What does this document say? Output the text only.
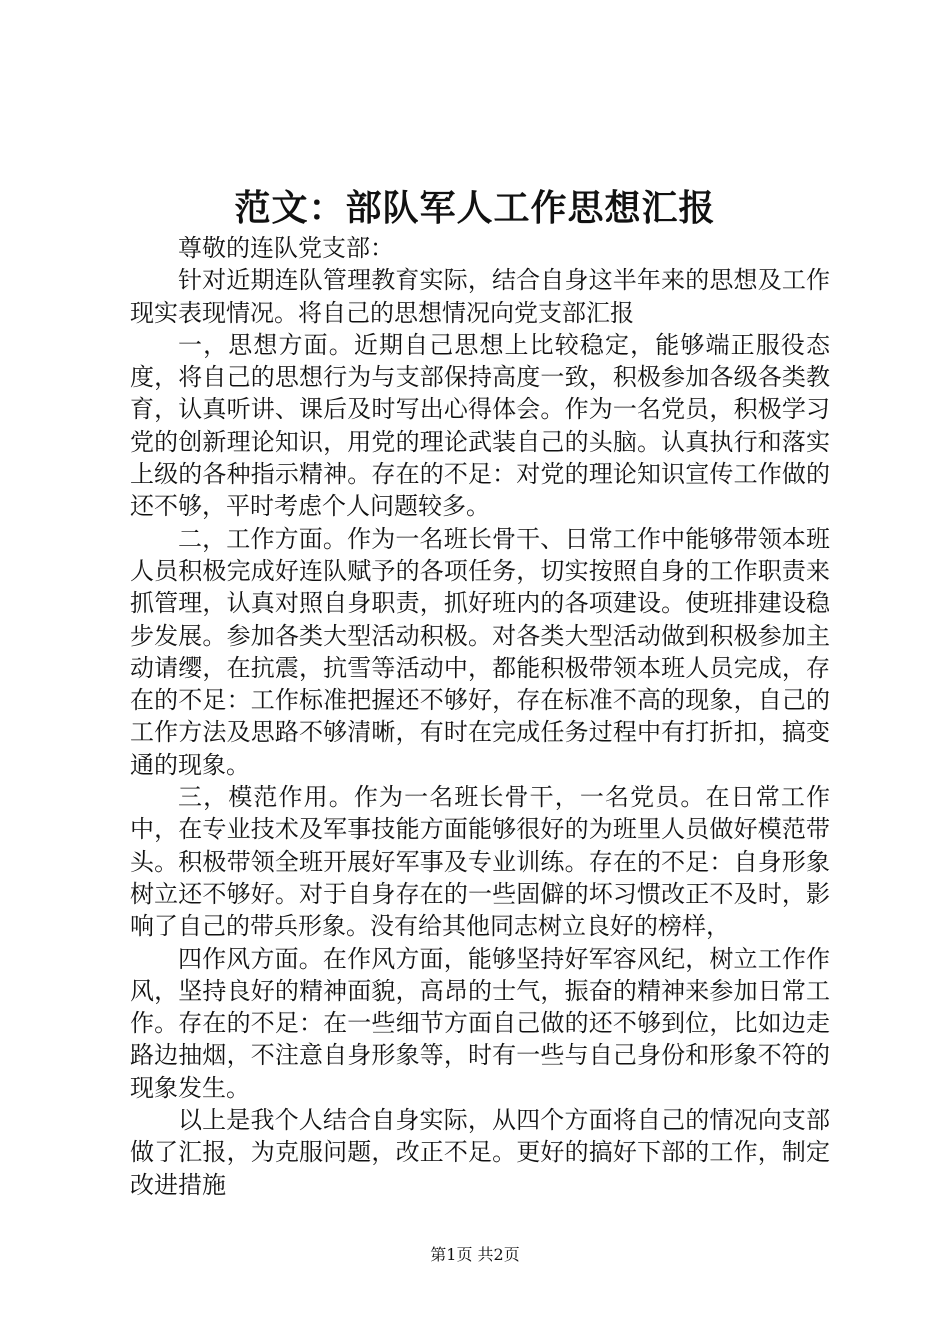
范文：部队军人工作思想汇报

尊敬的连队党支部：

针对近期连队管理教育实际，结合自身这半年来的思想及工作现实表现情况。将自己的思想情况向党支部汇报

一，思想方面。近期自己思想上比较稳定，能够端正服役态度，将自己的思想行为与支部保持高度一致，积极参加各级各类教育，认真听讲、课后及时写出心得体会。作为一名党员，积极学习党的创新理论知识，用党的理论武装自己的头脑。认真执行和落实上级的各种指示精神。存在的不足：对党的理论知识宣传工作做的还不够，平时考虑个人问题较多。

二，工作方面。作为一名班长骨干、日常工作中能够带领本班人员积极完成好连队赋予的各项任务，切实按照自身的工作职责来抓管理，认真对照自身职责，抓好班内的各项建设。使班排建设稳步发展。参加各类大型活动积极。对各类大型活动做到积极参加主动请缨，在抗震，抗雪等活动中，都能积极带领本班人员完成，存在的不足：工作标准把握还不够好，存在标准不高的现象，自己的工作方法及思路不够清晰，有时在完成任务过程中有打折扣，搞变通的现象。

三，模范作用。作为一名班长骨干，一名党员。在日常工作中，在专业技术及军事技能方面能够很好的为班里人员做好模范带头。积极带领全班开展好军事及专业训练。存在的不足：自身形象树立还不够好。对于自身存在的一些固僻的坏习惯改正不及时，影响了自己的带兵形象。没有给其他同志树立良好的榜样，

四作风方面。在作风方面，能够坚持好军容风纪，树立工作作风，坚持良好的精神面貌，高昂的士气，振奋的精神来参加日常工作。存在的不足：在一些细节方面自己做的还不够到位，比如边走路边抽烟，不注意自身形象等，时有一些与自己身份和形象不符的现象发生。

以上是我个人结合自身实际，从四个方面将自己的情况向支部做了汇报，为克服问题，改正不足。更好的搞好下部的工作，制定改进措施

第1页 共2页
